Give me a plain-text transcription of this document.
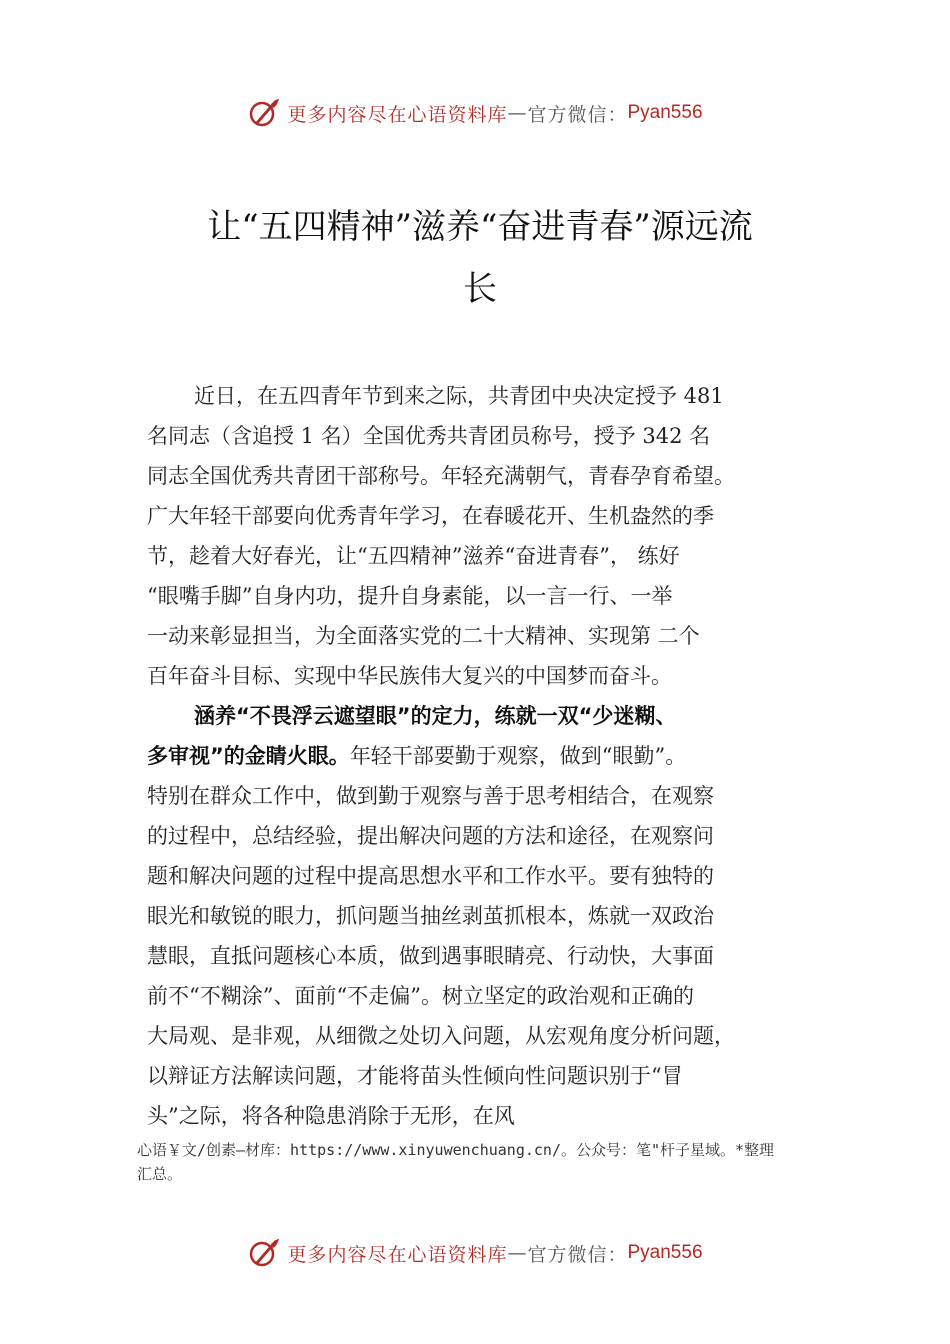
更多内容尽在心语资料库 — 官方微信： Pyan556
让“五四精神”滋养“奋进青春”源远流
长
近日，在五四青年节到来之际，共青团中央决定授予 481
名同志（含追授 1 名）全国优秀共青团员称号，授予 342 名
同志全国优秀共青团干部称号。年轻充满朝气，青春孕育希望。
广大年轻干部要向优秀青年学习，在春暖花开、生机盎然的季
节，趁着大好春光，让“五四精神”滋养“奋进青春”， 练好
“眼嘴手脚”自身内功，提升自身素能，以一言一行、一举
一动来彰显担当，为全面落实党的二十大精神、实现第 二个
百年奋斗目标、实现中华民族伟大复兴的中国梦而奋斗。
涵养“不畏浮云遮望眼”的定力，练就一双“少迷糊、
多审视”的金睛火眼。年轻干部要勤于观察，做到“眼勤”。
特别在群众工作中，做到勤于观察与善于思考相结合，在观察
的过程中，总结经验，提出解决问题的方法和途径，在观察问
题和解决问题的过程中提高思想水平和工作水平。要有独特的
眼光和敏锐的眼力，抓问题当抽丝剥茧抓根本，炼就一双政治
慧眼，直抵问题核心本质，做到遇事眼睛亮、行动快，大事面
前不“不糊涂”、面前“不走偏”。树立坚定的政治观和正确的
大局观、是非观，从细微之处切入问题，从宏观角度分析问题，
以辩证方法解读问题，才能将苗头性倾向性问题识别于“冒
头”之际，将各种隐患消除于无形，在风
心语￥文/创素—材库：https://www.xinyuwenchuang.cn/。公众号：笔"杆子星域。*整理
汇总。
更多内容尽在心语资料库 — 官方微信： Pyan556
